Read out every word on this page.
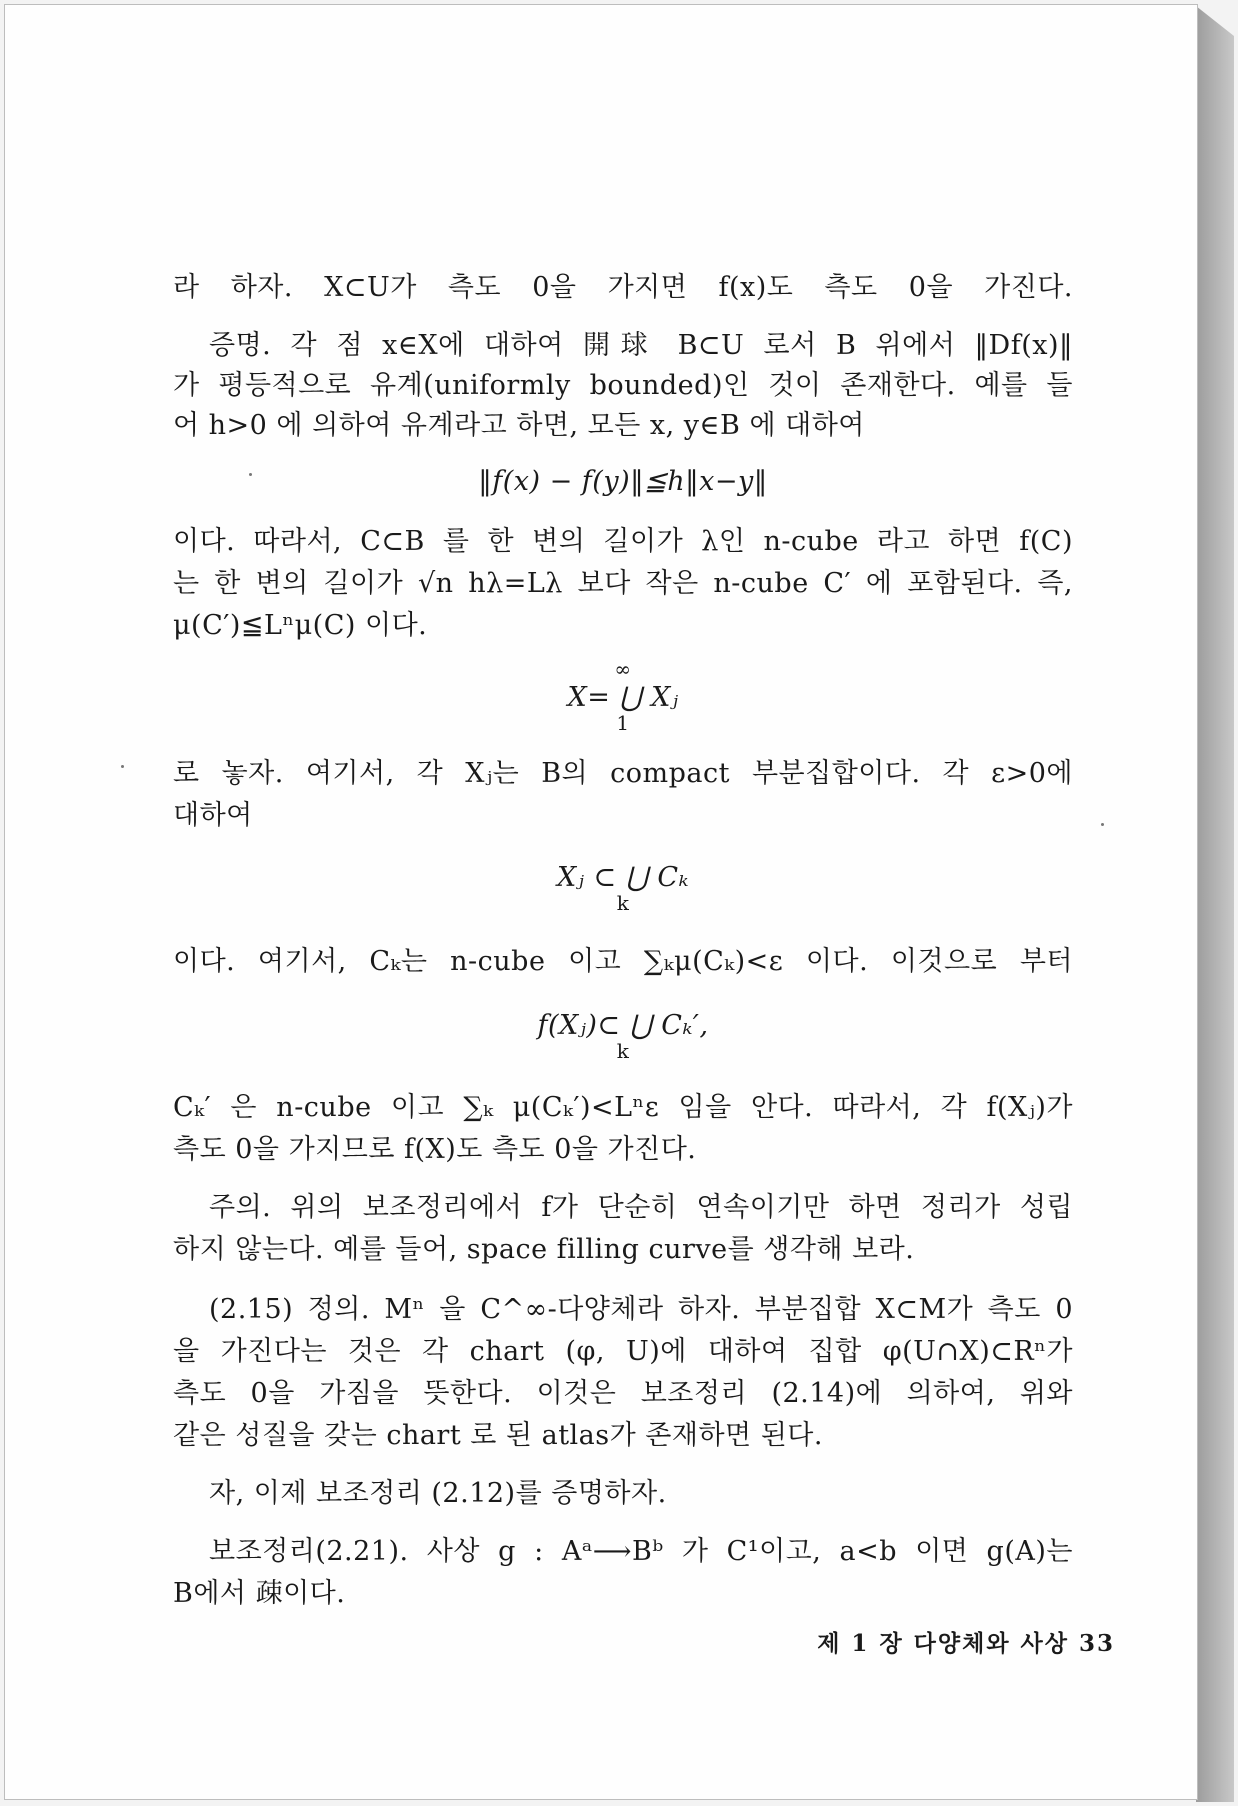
라 하자. X⊂U가 측도 0을 가지면 f(x)도 측도 0을 가진다.
증명. 각 점 x∈X에 대하여 開球 B⊂U 로서 B 위에서 ‖Df(x)‖
가 평등적으로 유계(uniformly bounded)인 것이 존재한다. 예를 들
어 h>0 에 의하여 유계라고 하면, 모든 x, y∈B 에 대하여
‖f(x) − f(y)‖≦h‖x−y‖
이다. 따라서, C⊂B 를 한 변의 길이가 λ인 n-cube 라고 하면 f(C)
는 한 변의 길이가 √n hλ=Lλ 보다 작은 n-cube C′ 에 포함된다. 즉,
μ(C′)≦Lⁿμ(C) 이다.
∞
X= ⋃ Xⱼ
1
로 놓자. 여기서, 각 Xⱼ는 B의 compact 부분집합이다. 각 ε>0에
대하여
Xⱼ ⊂ ⋃ Cₖ
k
이다. 여기서, Cₖ는 n-cube 이고 ∑ₖμ(Cₖ)<ε 이다. 이것으로 부터
f(Xⱼ)⊂ ⋃ Cₖ′,
k
Cₖ′ 은 n-cube 이고 ∑ₖ μ(Cₖ′)<Lⁿε 임을 안다. 따라서, 각 f(Xⱼ)가
측도 0을 가지므로 f(X)도 측도 0을 가진다.
주의. 위의 보조정리에서 f가 단순히 연속이기만 하면 정리가 성립
하지 않는다. 예를 들어, space filling curve를 생각해 보라.
(2.15) 정의. Mⁿ 을 C^∞-다양체라 하자. 부분집합 X⊂M가 측도 0
을 가진다는 것은 각 chart (φ, U)에 대하여 집합 φ(U∩X)⊂Rⁿ가
측도 0을 가짐을 뜻한다. 이것은 보조정리 (2.14)에 의하여, 위와
같은 성질을 갖는 chart 로 된 atlas가 존재하면 된다.
자, 이제 보조정리 (2.12)를 증명하자.
보조정리(2.21). 사상 g : Aᵃ⟶Bᵇ 가 C¹이고, a<b 이면 g(A)는
B에서 疎이다.
제 1 장 다양체와 사상 33
